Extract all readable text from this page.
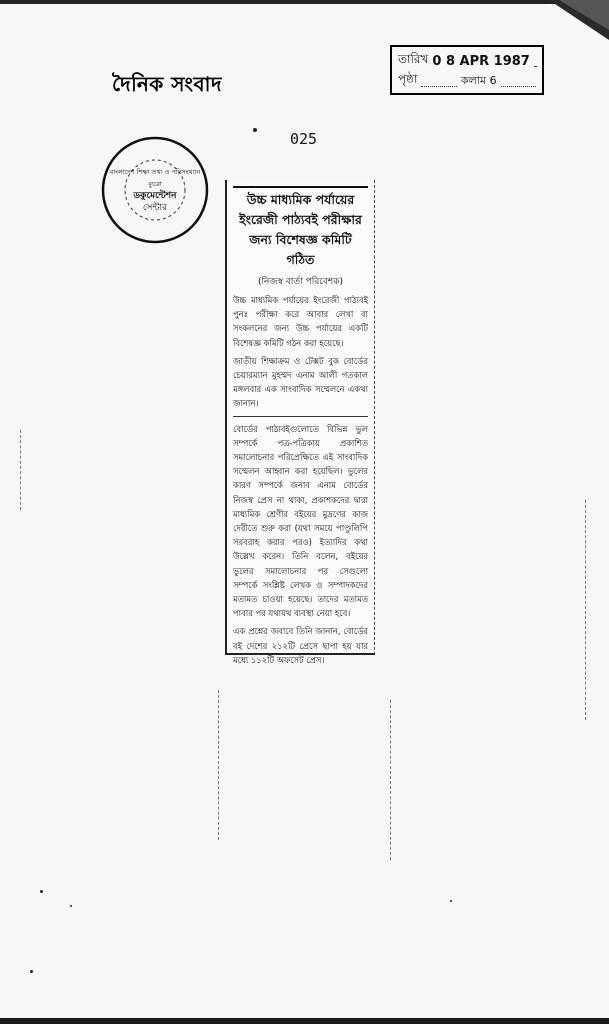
দৈনিক সংবাদ
তারিখ 0 8 APR 1987
পৃষ্ঠা	কলাম 6
বাংলাদেশ শিক্ষা তথ্য ও পরিসংখ্যান ব্যুরো
ডকুমেন্টেশন
সেন্টার
025
উচ্চ মাধ্যমিক পর্যায়ের
ইংরেজী পাঠ্যবই পরীক্ষার
জন্য বিশেষজ্ঞ কমিটি
গঠিত
(নিজস্ব বার্তা পরিবেশক)
উচ্চ মাধ্যমিক পর্যায়ের ইংরেজী পাঠ্যবই পুনঃ পরীক্ষা করে আবার লেখা বা সংকলনের জন্য উচ্চ পর্যায়ের একটি বিশেষজ্ঞ কমিটি গঠন করা হয়েছে।
জাতীয় শিক্ষাক্রম ও টেক্সট বুক বোর্ডের চেয়ারম্যান মুহম্মদ এনাম আলী গতকাল মঙ্গলবার এক সাংবাদিক সম্মেলনে একথা জানান।
বোর্ডের পাঠ্যবইগুলোতে বিভিন্ন ভুল সম্পর্কে পত্র-পত্রিকায় প্রকাশিত সমালোচনার পরিপ্রেক্ষিতে এই সাংবাদিক সম্মেলন আহ্বান করা হয়েছিল। ভুলের কারণ সম্পর্কে জনাব এনাম বোর্ডের নিজস্ব প্রেস না থাকা, প্রকাশকদের দ্বারা মাধ্যমিক শ্রেণীর বইয়ের মুদ্রণের কাজ দেরীতে শুরু করা (যথা সময়ে পাণ্ডুলিপি সরবরাহ করার পরও) ইত্যাদির কথা উল্লেখ করেন। তিনি বলেন, বইয়ের ভুলের সমালোচনার পর সেগুলো সম্পর্কে সংশ্লিষ্ট লেখক ও সম্পাদকদের মতামত চাওয়া হয়েছে। তাদের মতামত পাবার পর যথাযথ ব্যবস্থা নেয়া হবে।
এক প্রশ্নের জবাবে তিনি জানান, বোর্ডের বই দেশের ২১২টি প্রেসে ছাপা হয় যার মধ্যে ১১২টি অফসেট প্রেস।
